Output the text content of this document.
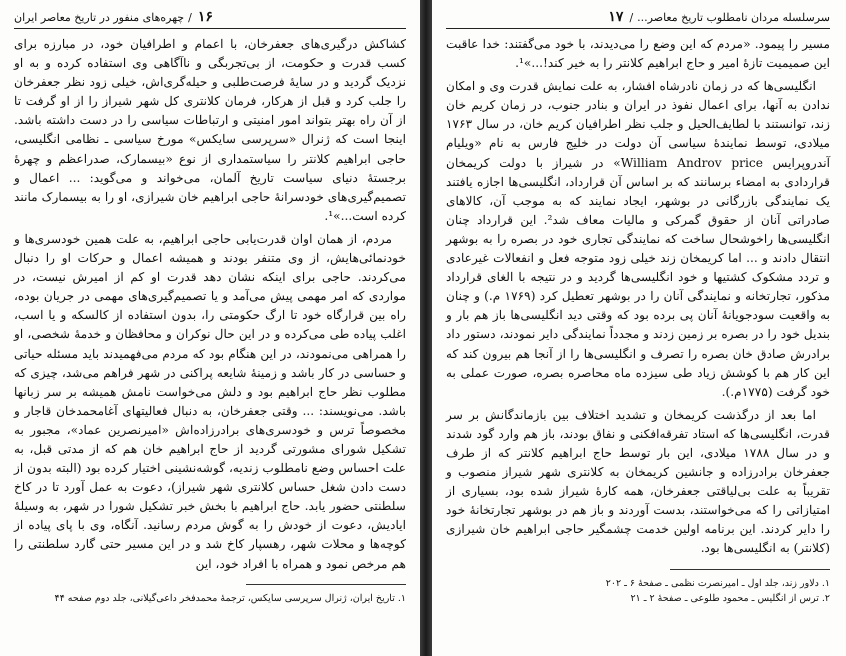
۱۶
/
چهره‌های منفور در تاریخ معاصر ایران

کشاکش درگیری‌های جعفرخان، با اعمام و اطرافیان خود، در مبارزه برای کسب قدرت و حکومت، از بی‌تجربگی و ناآگاهی وی استفاده کرده و به او نزدیک گردید و در سایهٔ فرصت‌طلبی و حیله‌گری‌اش، خیلی زود نظر جعفرخان را جلب کرد و قبل از هرکار، فرمان کلانتری کل شهر شیراز را از او گرفت تا از آن راه بهتر بتواند امور امنیتی و ارتباطات سیاسی را در دست داشته باشد. اینجا است که ژنرال «سرپرسی سایکس» مورخ سیاسی ـ نظامی انگلیسی، حاجی ابراهیم کلانتر را سیاستمداری از نوع «بیسمارک، صدراعظم و چهرهٔ برجستهٔ دنیای سیاست تاریخ آلمان، می‌خواند و می‌گوید: ... اعمال و تصمیم‌گیری‌های خودسرانهٔ حاجی ابراهیم خان شیرازی، او را به بیسمارک مانند کرده است...»¹.

مردم، از همان اوان قدرت‌یابی حاجی ابراهیم، به علت همین خودسری‌ها و خودنمائی‌هایش، از وی متنفر بودند و همیشه اعمال و حرکات او را دنبال می‌کردند. حاجی برای اینکه نشان دهد قدرت او کم از امیرش نیست، در مواردی که امر مهمی پیش می‌آمد و یا تصمیم‌گیری‌های مهمی در جریان بوده، راه بین قرارگاه خود تا ارگ حکومتی را، بدون استفاده از کالسکه و یا اسب، اغلب پیاده طی می‌کرده و در این حال نوکران و محافظان و خدمهٔ شخصی، او را همراهی می‌نمودند، در این هنگام بود که مردم می‌فهمیدند باید مسئله حیاتی و حساسی در کار باشد و زمینهٔ شایعه پراکنی در شهر فراهم می‌شد، چیزی که مطلوب نظر حاج ابراهیم بود و دلش می‌خواست نامش همیشه بر سر زبانها باشد. می‌نویسند: ... وقتی جعفرخان، به دنبال فعالیتهای آغامحمدخان قاجار و مخصوصاً ترس و خودسری‌های برادرزاده‌اش «امیرنصرین عماد»، مجبور به تشکیل شورای مشورتی گردید از حاج ابراهیم خان هم که از مدتی قبل، به علت احساس وضع نامطلوب زندیه، گوشه‌نشینی اختیار کرده بود (البته بدون از دست دادن شغل حساس کلانتری شهر شیراز)، دعوت به عمل آورد تا در کاخ سلطنتی حضور یابد. حاج ابراهیم با بخش خبر تشکیل شورا در شهر، به وسیلهٔ ایادیش، دعوت از خودش را به گوش مردم رسانید. آنگاه، وی با پای پیاده از کوچه‌ها و محلات شهر، رهسپار کاخ شد و در این مسیر حتی گارد سلطنتی را هم مرخص نمود و همراه با افراد خود، این

۱. تاریخ ایران، ژنرال سرپرسی سایکس، ترجمهٔ محمدفخر داعی‌گیلانی، جلد دوم صفحه ۴۴
سرسلسله مردان نامطلوب تاریخ معاصر...
/
۱۷

مسیر را پیمود. «مردم که این وضع را می‌دیدند، با خود می‌گفتند: خدا عاقبت این صمیمیت تازهٔ امیر و حاج ابراهیم کلانتر را به خیر کند!...»¹.

انگلیسی‌ها که در زمان نادرشاه افشار، به علت نمایش قدرت وی و امکان ندادن به آنها، برای اعمال نفوذ در ایران و بنادر جنوب، در زمان کریم خان زند، توانستند با لطایف‌الحیل و جلب نظر اطرافیان کریم خان، در سال ۱۷۶۳ میلادی، توسط نمایندهٔ سیاسی آن دولت در خلیج فارس به نام «ویلیام آندروپرایس William Androv price» در شیراز با دولت کریمخان قراردادی به امضاء برسانند که بر اساس آن قرارداد، انگلیسی‌ها اجازه یافتند یک نمایندگی بازرگانی در بوشهر، ایجاد نمایند که به موجب آن، کالاهای صادراتی آنان از حقوق گمرکی و مالیات معاف شد². این قرارداد چنان انگلیسی‌ها راخوشحال ساخت که نمایندگی تجاری خود در بصره را به بوشهر انتقال دادند و ... اما کریمخان زند خیلی زود متوجه فعل و انفعالات غیرعادی و تردد مشکوک کشتیها و خود انگلیسی‌ها گردید و در نتیجه با الغای قرارداد مذکور، تجارتخانه و نمایندگی آنان را در بوشهر تعطیل کرد (۱۷۶۹ م.) و چنان به واقعیت سودجویانهٔ آنان پی برده بود که وقتی دید انگلیسی‌ها باز هم بار و بندیل خود را در بصره بر زمین زدند و مجدداً نمایندگی دایر نمودند، دستور داد برادرش صادق خان بصره را تصرف و انگلیسی‌ها را از آنجا هم بیرون کند که این کار هم با کوشش زیاد طی سیزده ماه محاصره بصره، صورت عملی به خود گرفت (۱۷۷۵م.).

اما بعد از درگذشت کریمخان و تشدید اختلاف بین بازماندگانش بر سر قدرت، انگلیسی‌ها که استاد تفرقه‌افکنی و نفاق بودند، باز هم وارد گود شدند و در سال ۱۷۸۸ میلادی، این بار توسط حاج ابراهیم کلانتر که از طرف جعفرخان برادرزاده و جانشین کریمخان به کلانتری شهر شیراز منصوب و تقریباً به علت بی‌لیاقتی جعفرخان، همه کارهٔ شیراز شده بود، بسیاری از امتیازاتی را که می‌خواستند، بدست آوردند و باز هم در بوشهر تجارتخانهٔ خود را دایر کردند. این برنامه اولین خدمت چشمگیر حاجی ابراهیم خان شیرازی (کلانتر) به انگلیسی‌ها بود.

۱. دلاور زند، جلد اول ـ امیرنصرت نظمی ـ صفحهٔ ۶ ـ ۲۰۲
۲. ترس از انگلیس ـ محمود طلوعی ـ صفحهٔ ۲ ـ ۲۱
